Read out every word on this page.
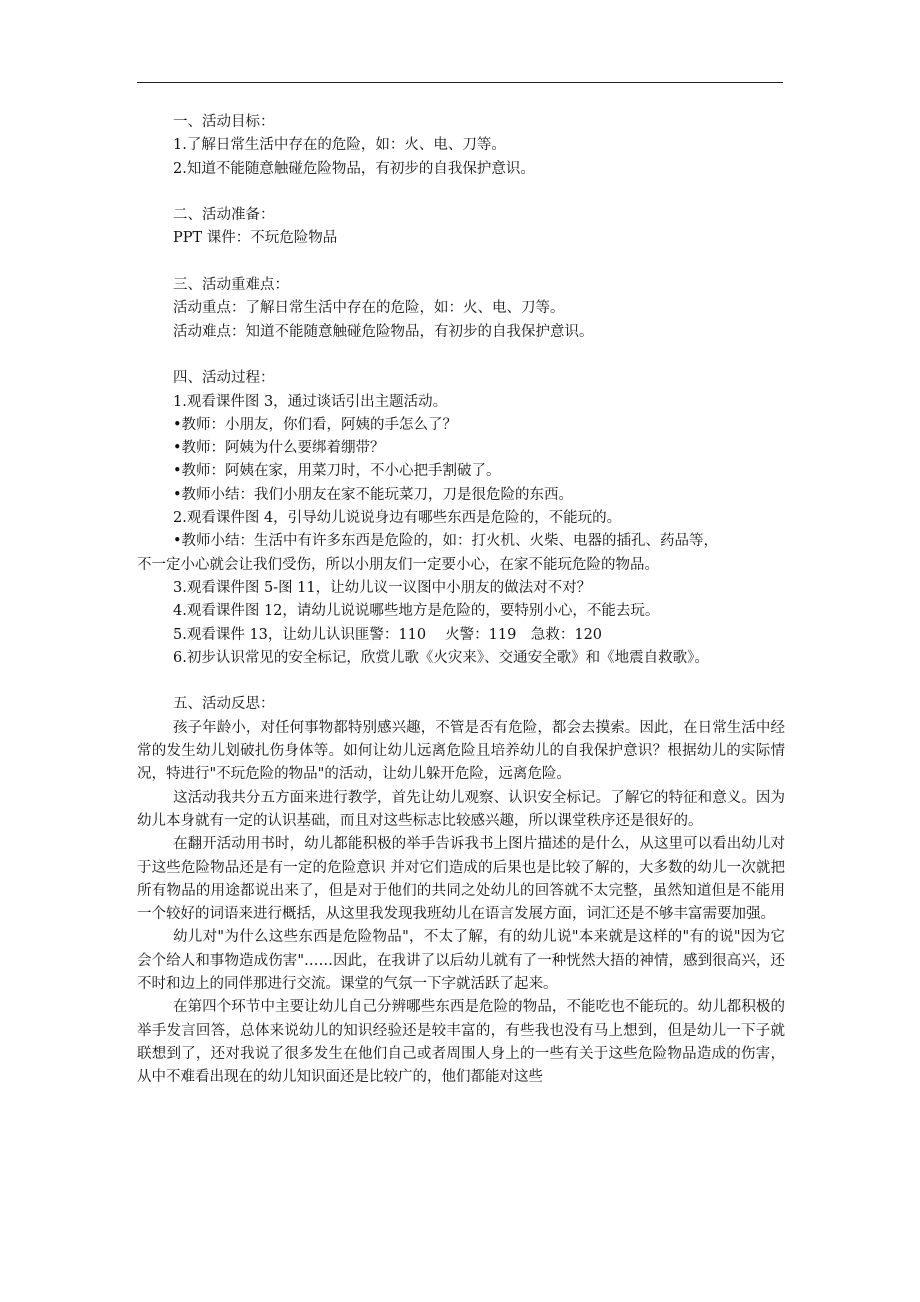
一、活动目标：

1.了解日常生活中存在的危险，如：火、电、刀等。

2.知道不能随意触碰危险物品，有初步的自我保护意识。

二、活动准备：

PPT 课件：不玩危险物品

三、活动重难点：

活动重点：了解日常生活中存在的危险，如：火、电、刀等。

活动难点：知道不能随意触碰危险物品，有初步的自我保护意识。

四、活动过程：

1.观看课件图 3，通过谈话引出主题活动。

•教师：小朋友，你们看，阿姨的手怎么了？

•教师：阿姨为什么要绑着绷带？

•教师：阿姨在家，用菜刀时，不小心把手割破了。

•教师小结：我们小朋友在家不能玩菜刀，刀是很危险的东西。

2.观看课件图 4，引导幼儿说说身边有哪些东西是危险的，不能玩的。

•教师小结：生活中有许多东西是危险的，如：打火机、火柴、电器的插孔、药品等，

不一定小心就会让我们受伤，所以小朋友们一定要小心，在家不能玩危险的物品。

3.观看课件图 5-图 11，让幼儿议一议图中小朋友的做法对不对？

4.观看课件图 12，请幼儿说说哪些地方是危险的，要特别小心，不能去玩。

5.观看课件 13，让幼儿认识匪警：110　 火警：119　急救：120

6.初步认识常见的安全标记，欣赏儿歌《火灾来》、交通安全歌》和《地震自救歌》。

五、活动反思：

孩子年龄小，对任何事物都特别感兴趣，不管是否有危险，都会去摸索。因此，在日常生活中经常的发生幼儿划破扎伤身体等。如何让幼儿远离危险且培养幼儿的自我保护意识？根据幼儿的实际情况，特进行"不玩危险的物品"的活动，让幼儿躲开危险，远离危险。

这活动我共分五方面来进行教学，首先让幼儿观察、认识安全标记。了解它的特征和意义。因为幼儿本身就有一定的认识基础，而且对这些标志比较感兴趣，所以课堂秩序还是很好的。

在翻开活动用书时，幼儿都能积极的举手告诉我书上图片描述的是什么，从这里可以看出幼儿对于这些危险物品还是有一定的危险意识 并对它们造成的后果也是比较了解的，大多数的幼儿一次就把所有物品的用途都说出来了，但是对于他们的共同之处幼儿的回答就不太完整，虽然知道但是不能用一个较好的词语来进行概括，从这里我发现我班幼儿在语言发展方面，词汇还是不够丰富需要加强。

幼儿对"为什么这些东西是危险物品"，不太了解，有的幼儿说"本来就是这样的"有的说"因为它会个给人和事物造成伤害"……因此，在我讲了以后幼儿就有了一种恍然大捂的神情，感到很高兴，还不时和边上的同伴那进行交流。课堂的气氛一下字就活跃了起来。

在第四个环节中主要让幼儿自己分辨哪些东西是危险的物品，不能吃也不能玩的。幼儿都积极的举手发言回答，总体来说幼儿的知识经验还是较丰富的，有些我也没有马上想到，但是幼儿一下子就联想到了，还对我说了很多发生在他们自己或者周围人身上的一些有关于这些危险物品造成的伤害，从中不难看出现在的幼儿知识面还是比较广的，他们都能对这些
